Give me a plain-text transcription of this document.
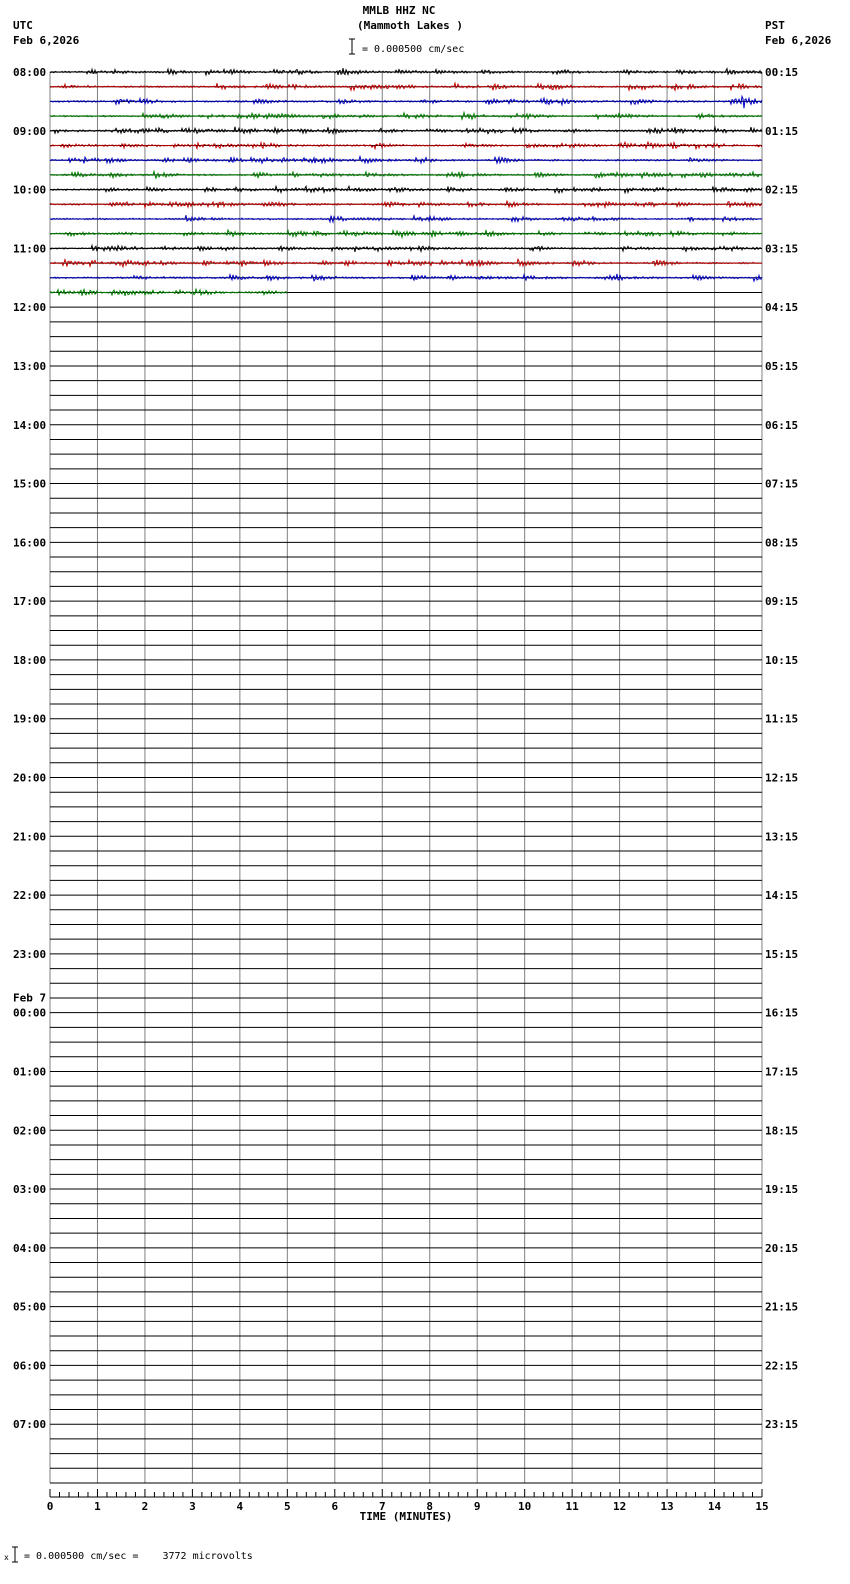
MMLB HHZ NC
(Mammoth Lakes )
UTC
Feb 6,2026
PST
Feb 6,2026
= 0.000500 cm/sec
08:00
09:00
10:00
11:00
12:00
13:00
14:00
15:00
16:00
17:00
18:00
19:00
20:00
21:00
22:00
23:00
00:00
01:00
02:00
03:00
04:00
05:00
06:00
07:00
00:15
01:15
02:15
03:15
04:15
05:15
06:15
07:15
08:15
09:15
10:15
11:15
12:15
13:15
14:15
15:15
16:15
17:15
18:15
19:15
20:15
21:15
22:15
23:15
Feb 7
0	1	2	3	4	5	6	7	8	9	10	11	12	13	14	15
TIME (MINUTES)
x = 0.000500 cm/sec =    3772 microvolts
